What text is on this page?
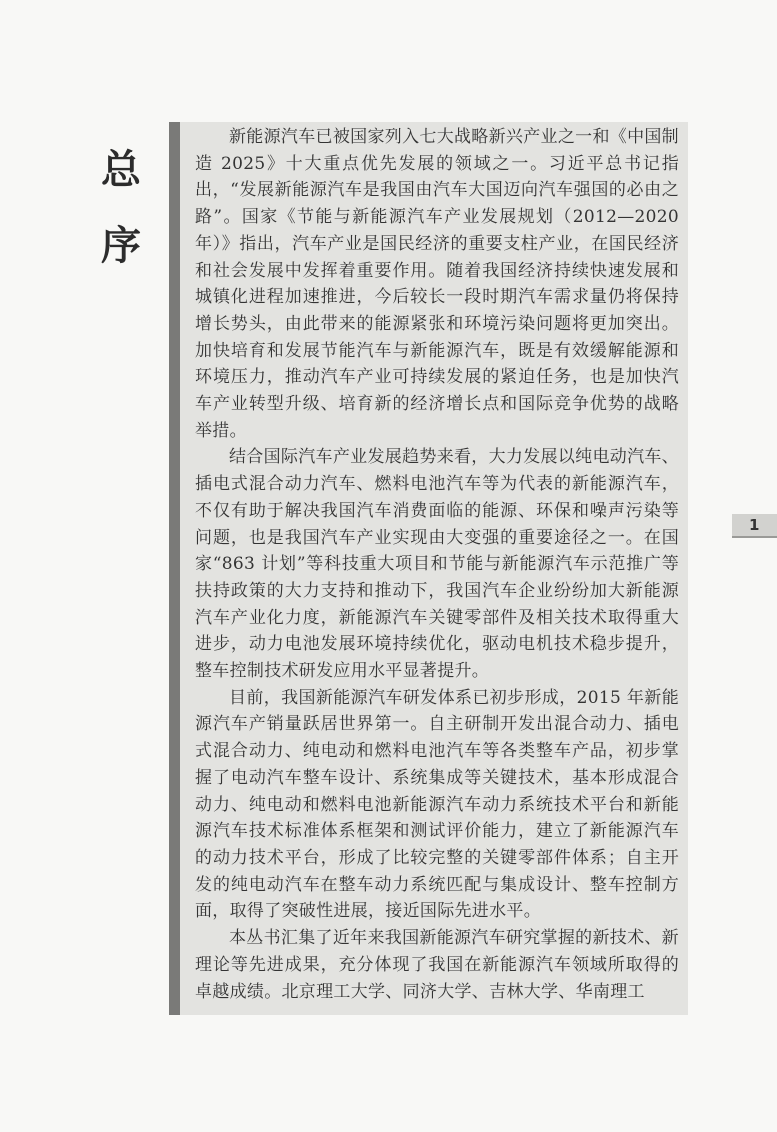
总
序

新能源汽车已被国家列入七大战略新兴产业之一和《中国制造 2025》十大重点优先发展的领域之一。习近平总书记指出，“发展新能源汽车是我国由汽车大国迈向汽车强国的必由之路”。国家《节能与新能源汽车产业发展规划（2012—2020年）》指出，汽车产业是国民经济的重要支柱产业，在国民经济和社会发展中发挥着重要作用。随着我国经济持续快速发展和城镇化进程加速推进，今后较长一段时期汽车需求量仍将保持增长势头，由此带来的能源紧张和环境污染问题将更加突出。加快培育和发展节能汽车与新能源汽车，既是有效缓解能源和环境压力，推动汽车产业可持续发展的紧迫任务，也是加快汽车产业转型升级、培育新的经济增长点和国际竞争优势的战略举措。

结合国际汽车产业发展趋势来看，大力发展以纯电动汽车、插电式混合动力汽车、燃料电池汽车等为代表的新能源汽车，不仅有助于解决我国汽车消费面临的能源、环保和噪声污染等问题，也是我国汽车产业实现由大变强的重要途径之一。在国家“863 计划”等科技重大项目和节能与新能源汽车示范推广等扶持政策的大力支持和推动下，我国汽车企业纷纷加大新能源汽车产业化力度，新能源汽车关键零部件及相关技术取得重大进步，动力电池发展环境持续优化，驱动电机技术稳步提升，整车控制技术研发应用水平显著提升。

目前，我国新能源汽车研发体系已初步形成，2015 年新能源汽车产销量跃居世界第一。自主研制开发出混合动力、插电式混合动力、纯电动和燃料电池汽车等各类整车产品，初步掌握了电动汽车整车设计、系统集成等关键技术，基本形成混合动力、纯电动和燃料电池新能源汽车动力系统技术平台和新能源汽车技术标准体系框架和测试评价能力，建立了新能源汽车的动力技术平台，形成了比较完整的关键零部件体系；自主开发的纯电动汽车在整车动力系统匹配与集成设计、整车控制方面，取得了突破性进展，接近国际先进水平。

本丛书汇集了近年来我国新能源汽车研究掌握的新技术、新理论等先进成果，充分体现了我国在新能源汽车领域所取得的卓越成绩。北京理工大学、同济大学、吉林大学、华南理工

1
